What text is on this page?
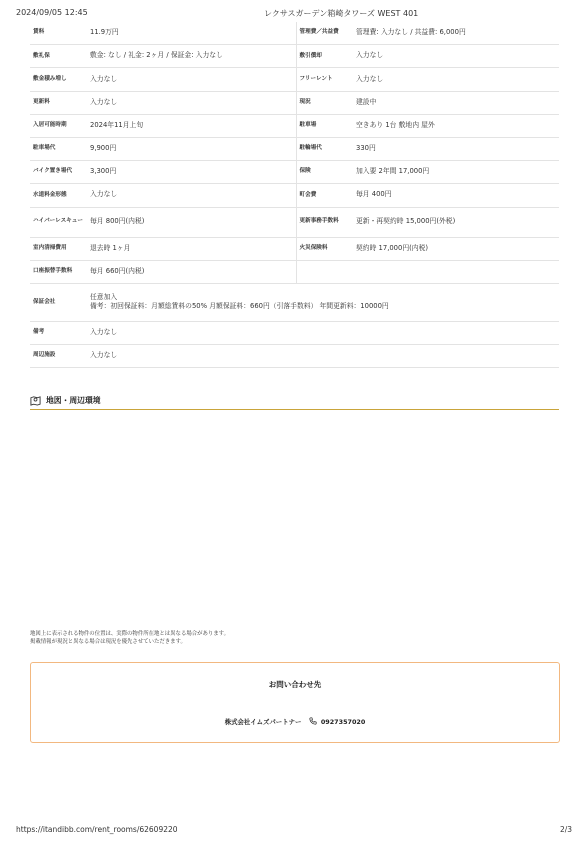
2024/09/05 12:45	レクサスガーデン箱崎タワーズ WEST 401
賃料	11.9万円	管理費／共益費	管理費: 入力なし / 共益費: 6,000円
敷礼保	敷金: なし / 礼金: 2ヶ月 / 保証金: 入力なし	敷引償却	入力なし
敷金積み増し	入力なし	フリーレント	入力なし
更新料	入力なし	現況	建設中
入居可能時期	2024年11月上旬	駐車場	空きあり 1台 敷地内 屋外
駐車場代	9,900円	駐輪場代	330円
バイク置き場代	3,300円	保険	加入要 2年間 17,000円
水道料金形態	入力なし	町会費	毎月 400円
ハイパーレスキュー	毎月 800円(内税)	更新事務手数料	更新・再契約時 15,000円(外税)
室内清掃費用	退去時 1ヶ月	火災保険料	契約時 17,000円(内税)
口座振替手数料	毎月 660円(内税)		
保証会社	任意加入
備考：初回保証料：月額総賃料の50% 月額保証料：660円（引落手数料） 年間更新料：10000円		

備考	入力なし		
周辺施設	入力なし		
地図・周辺環境
地図上に表示される物件の位置は、実際の物件所在地とは異なる場合があります。
掲載情報が現況と異なる場合は現況を優先させていただきます。
お問い合わせ先
株式会社イムズパートナー	0927357020
https://itandibb.com/rent_rooms/62609220	2/3
